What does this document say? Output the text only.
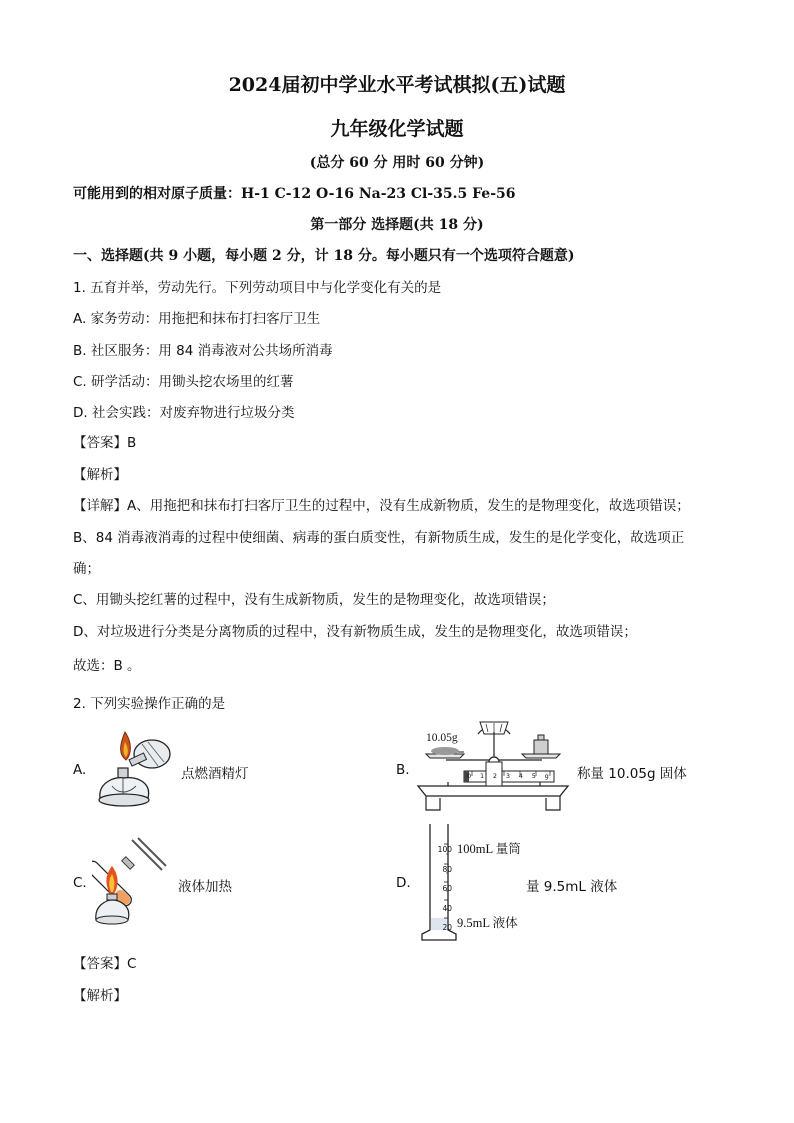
2024届初中学业水平考试棋拟(五)试题
九年级化学试题
(总分 60 分 用时 60 分钟)
可能用到的相对原子质量：H-1 C-12 O-16 Na-23 Cl-35.5 Fe-56
第一部分 选择题(共 18 分)
一、选择题(共 9 小题，每小题 2 分，计 18 分。每小题只有一个选项符合题意)
1. 五育并举，劳动先行。下列劳动项目中与化学变化有关的是
A. 家务劳动：用拖把和抹布打扫客厅卫生
B. 社区服务：用 84 消毒液对公共场所消毒
C. 研学活动：用锄头挖农场里的红薯
D. 社会实践：对废弃物进行垃圾分类
【答案】B
【解析】
【详解】A、用拖把和抹布打扫客厅卫生的过程中，没有生成新物质，发生的是物理变化，故选项错误；
B、84 消毒液消毒的过程中使细菌、病毒的蛋白质变性，有新物质生成，发生的是化学变化，故选项正
确；
C、用锄头挖红薯的过程中，没有生成新物质，发生的是物理变化，故选项错误；
D、对垃圾进行分类是分离物质的过程中，没有新物质生成，发生的是物理变化，故选项错误；
故选：B 。
2. 下列实验操作正确的是
A.	点燃酒精灯	B.
10.05g
012345g 称量 10.05g 固体
C.	液体加热	D.
100
80
60
40
20
100mL 量筒
9.5mL 液体
量 9.5mL 液体
【答案】C
【解析】
